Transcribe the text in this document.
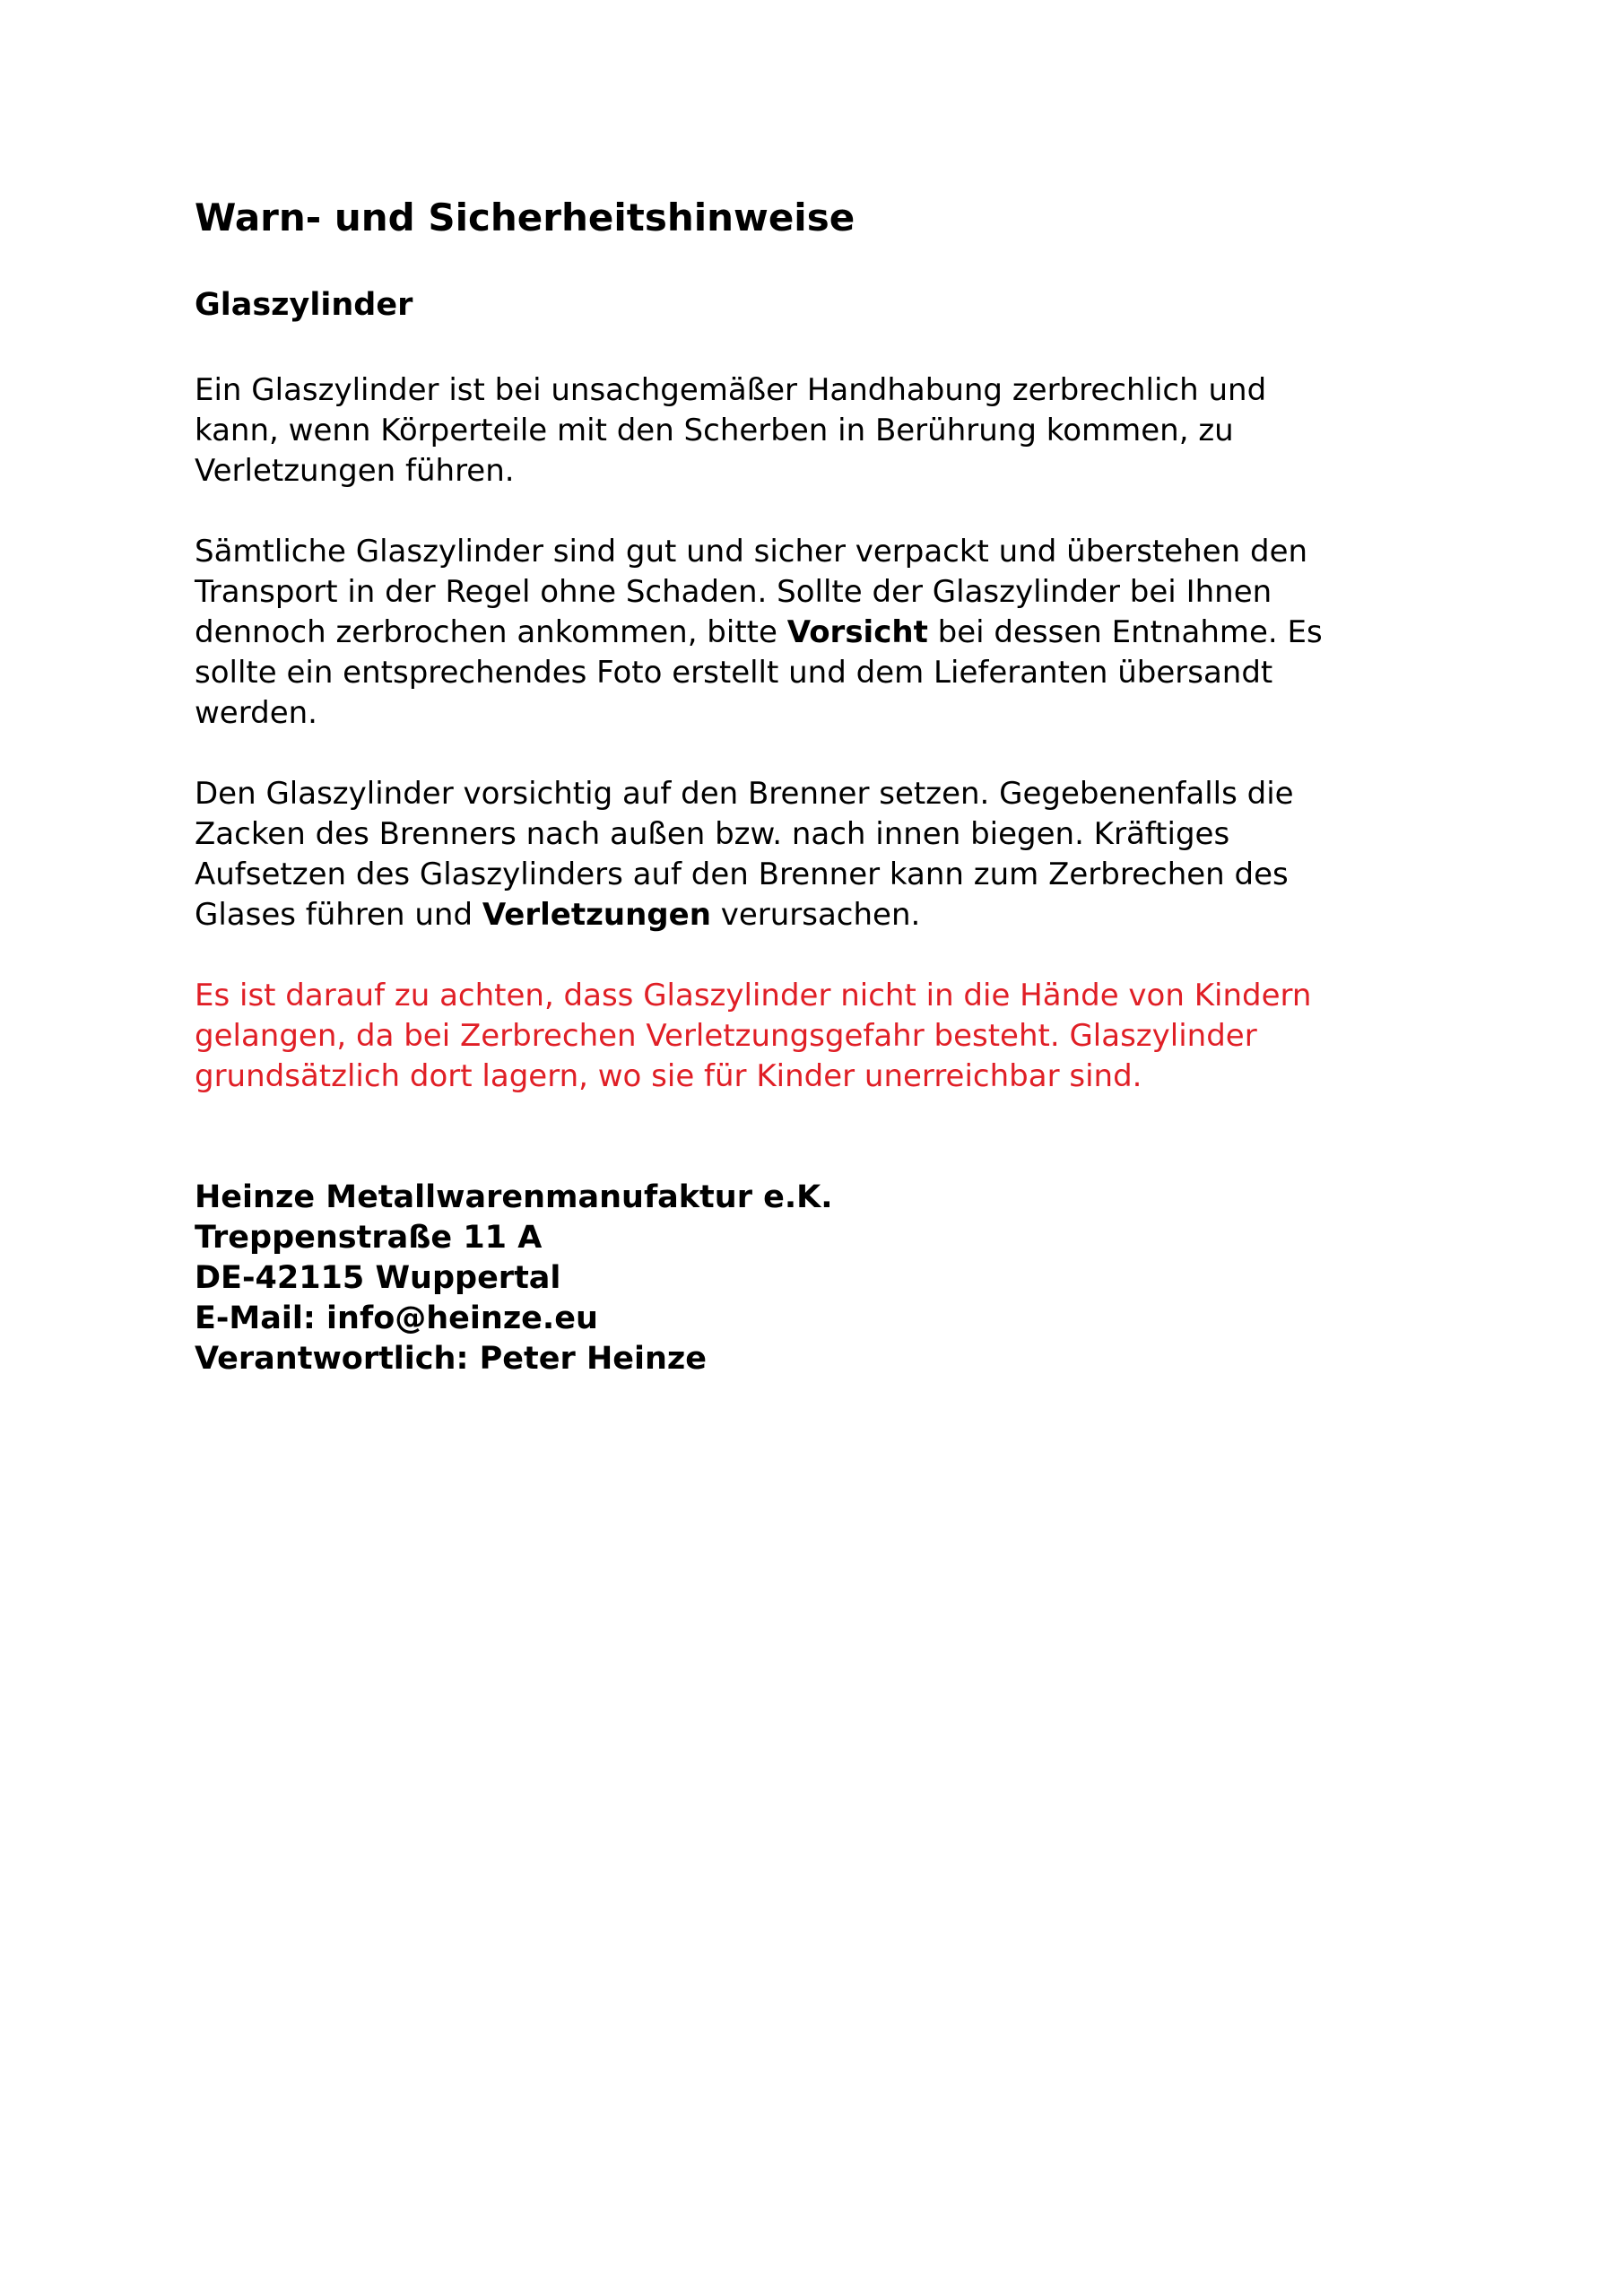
Warn- und Sicherheitshinweise
Glaszylinder
Ein Glaszylinder ist bei unsachgemäßer Handhabung zerbrechlich und
kann, wenn Körperteile mit den Scherben in Berührung kommen, zu
Verletzungen führen.
Sämtliche Glaszylinder sind gut und sicher verpackt und überstehen den
Transport in der Regel ohne Schaden. Sollte der Glaszylinder bei Ihnen
dennoch zerbrochen ankommen, bitte Vorsicht bei dessen Entnahme. Es
sollte ein entsprechendes Foto erstellt und dem Lieferanten übersandt
werden.
Den Glaszylinder vorsichtig auf den Brenner setzen. Gegebenenfalls die
Zacken des Brenners nach außen bzw. nach innen biegen. Kräftiges
Aufsetzen des Glaszylinders auf den Brenner kann zum Zerbrechen des
Glases führen und Verletzungen verursachen.
Es ist darauf zu achten, dass Glaszylinder nicht in die Hände von Kindern
gelangen, da bei Zerbrechen Verletzungsgefahr besteht. Glaszylinder
grundsätzlich dort lagern, wo sie für Kinder unerreichbar sind.
Heinze Metallwarenmanufaktur e.K.
Treppenstraße 11 A
DE-42115 Wuppertal
E-Mail: info@heinze.eu
Verantwortlich: Peter Heinze
